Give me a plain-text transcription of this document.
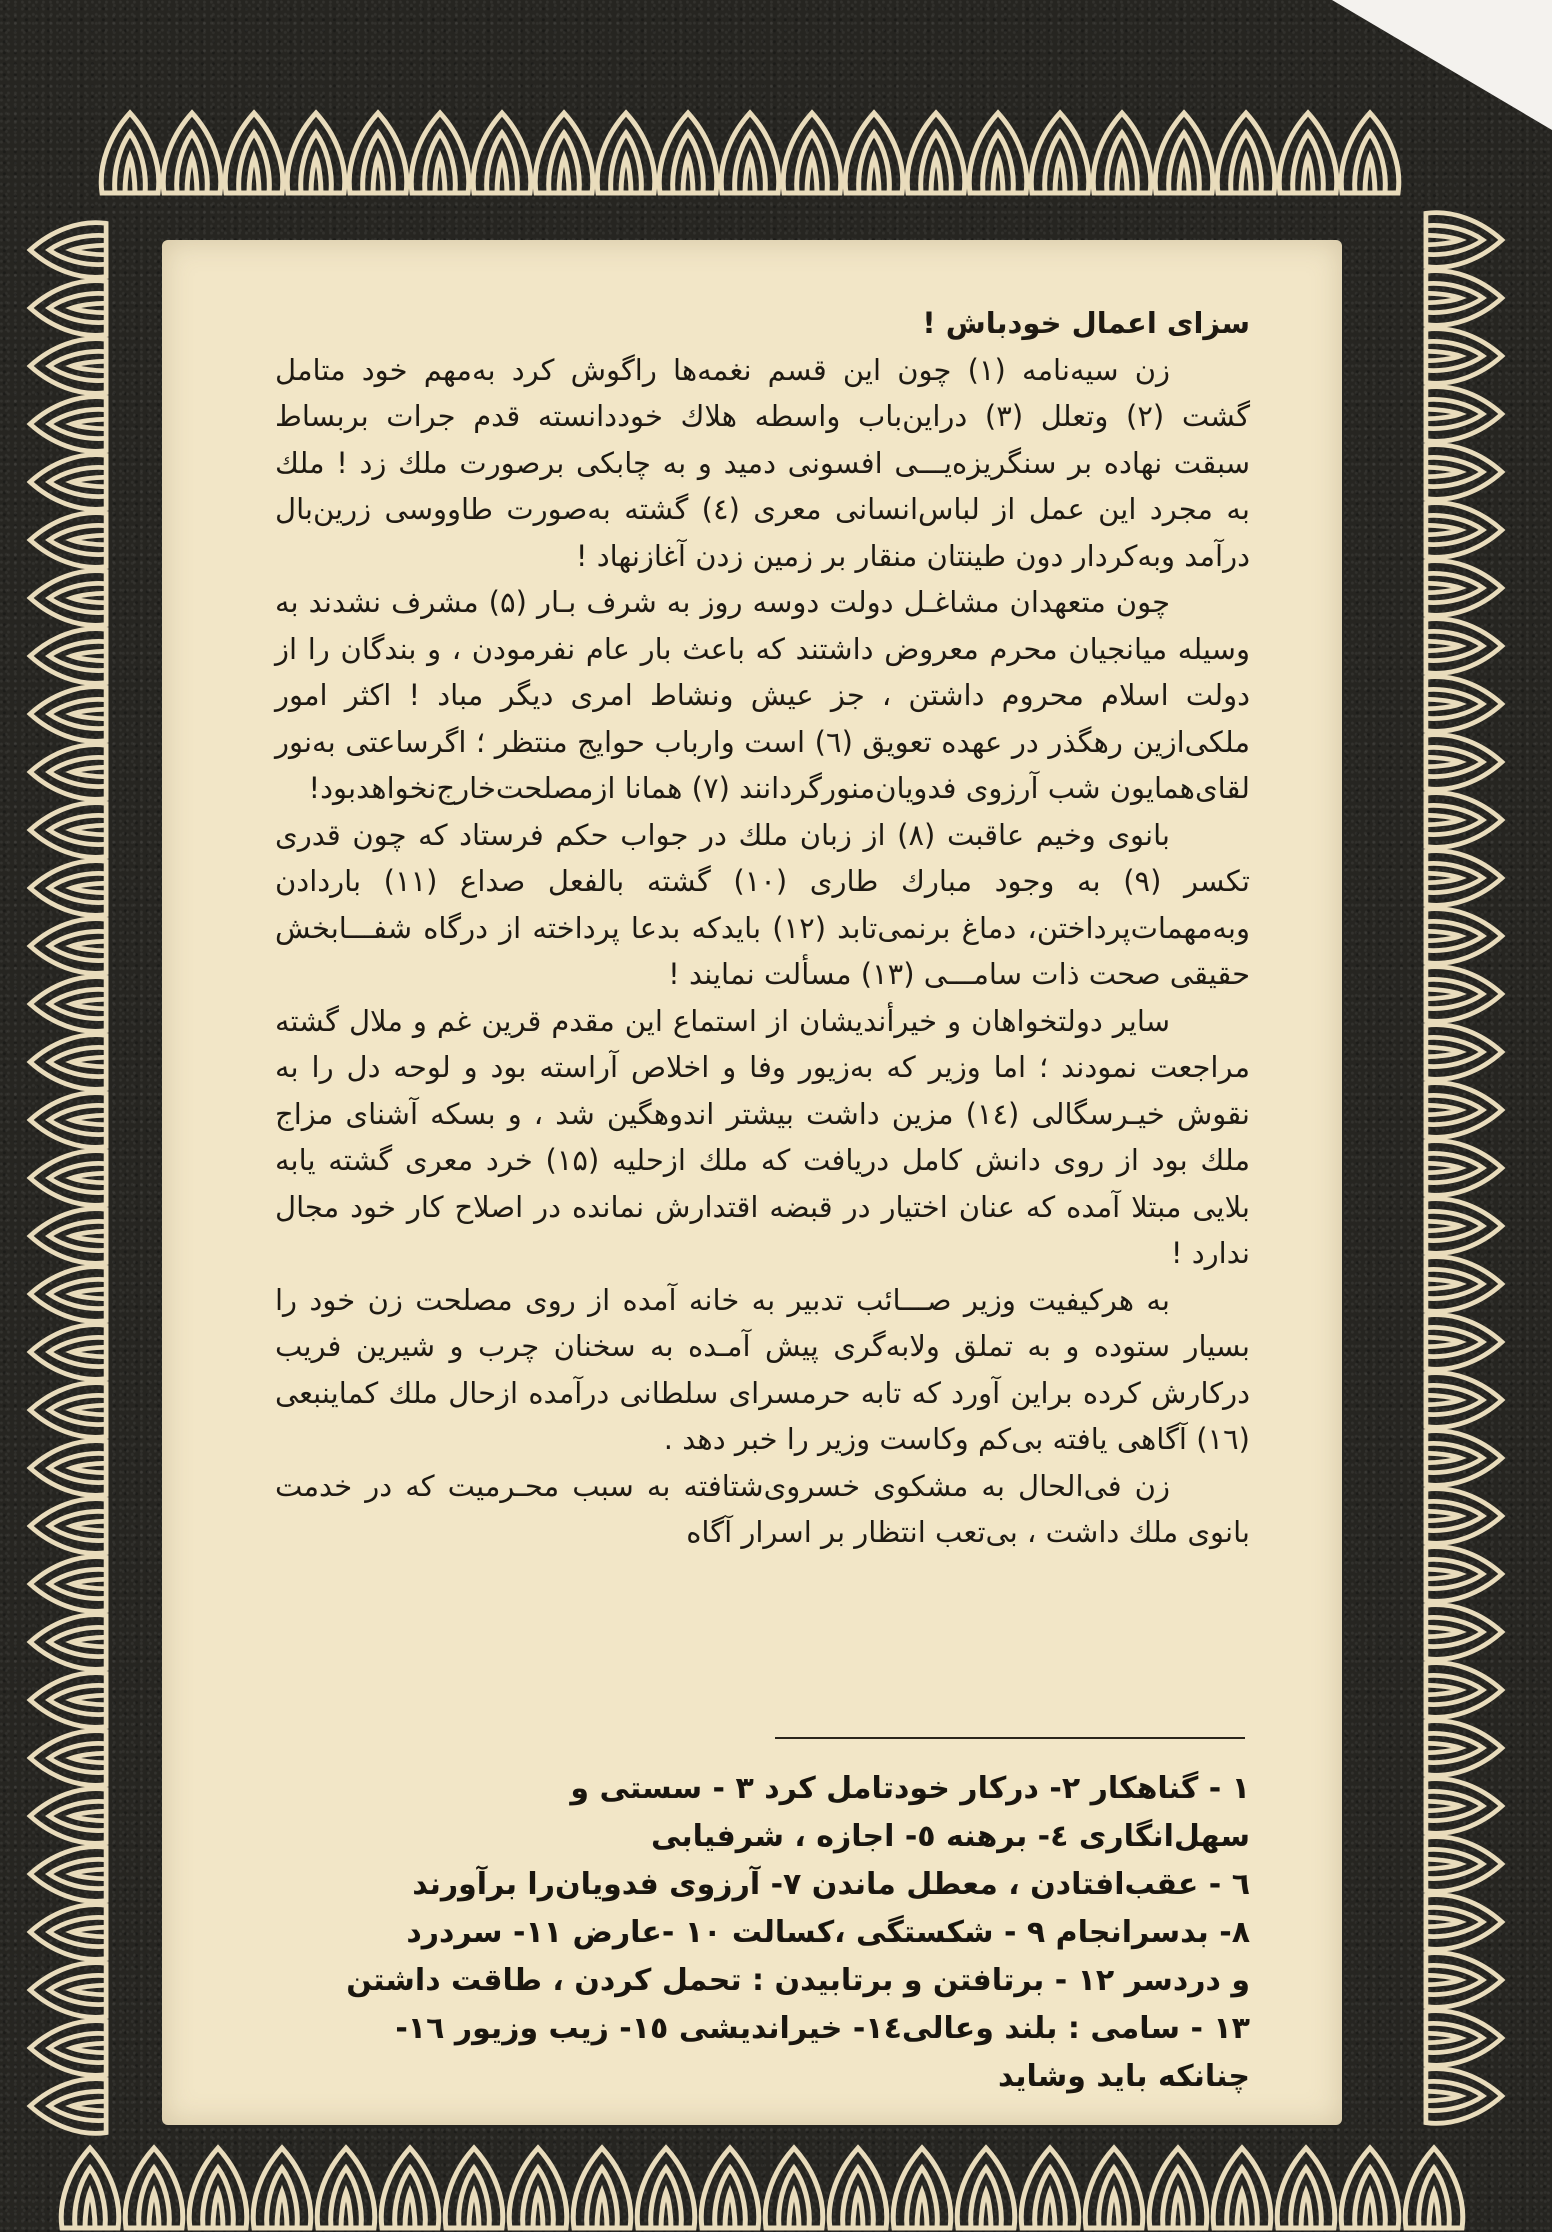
سزای اعمال خودباش !

زن سیه‌نامه (۱) چون این قسم نغمه‌ها راگوش کرد به‌مهم خود متامل گشت (۲) وتعلل (۳) دراین‌باب واسطه هلاك خوددانسته قدم جرات بربساط سبقت نهاده بر سنگریزه‌یـــی افسونی دمید و به چابکی برصورت ملك زد ! ملك به مجرد این عمل از لباس‌انسانی معری (٤) گشته به‌صورت طاووسی زرین‌بال درآمد وبه‌کردار دون طینتان منقار بر زمین زدن آغازنهاد !

چون متعهدان مشاغـل دولت دوسه روز به شرف بـار (۵) مشرف نشدند به وسیله میانجیان محرم معروض داشتند که باعث بار عام نفرمودن ، و بندگان را از دولت اسلام محروم داشتن ، جز عیش ونشاط امری دیگر مباد ! اکثر امور ملکی‌ازین رهگذر در عهده تعویق (٦) است وارباب حوایج منتظر ؛ اگرساعتی به‌نور لقای‌همایون شب آرزوی فدویان‌منورگردانند (۷) همانا ازمصلحت‌خارج‌نخواهدبود!

بانوی وخیم عاقبت (۸) از زبان ملك در جواب حکم فرستاد که چون قدری تکسر (۹) به وجود مبارك طاری (۱۰) گشته بالفعل صداع (۱۱) باردادن وبه‌مهمات‌پرداختن، دماغ برنمی‌تابد (۱۲) بایدکه بدعا پرداخته از درگاه شفـــابخش حقیقی صحت ذات سامـــی (۱۳) مسألت نمایند !

سایر دولتخواهان و خیرأندیشان از استماع این مقدم قرین غم و ملال گشته مراجعت نمودند ؛ اما وزیر که به‌زیور وفا و اخلاص آراسته بود و لوحه دل را به نقوش خیـرسگالی (١٤) مزین داشت بیشتر اندوهگین شد ، و بسکه آشنای مزاج ملك بود از روی دانش کامل دریافت که ملك ازحلیه (۱۵) خرد معری گشته یابه بلایی مبتلا آمده که عنان اختیار در قبضه اقتدارش نمانده در اصلاح کار خود مجال ندارد !

به هرکیفیت وزیر صـــائب تدبیر به خانه آمده از روی مصلحت زن خود را بسیار ستوده و به تملق ولابه‌گری پیش آمـده به سخنان چرب و شیرین فریب درکارش کرده براین آورد که تابه حرمسرای سلطانی درآمده ازحال ملك کماینبعی (١٦) آگاهی یافته بی‌کم وکاست وزیر را خبر دهد .

زن فی‌الحال به مشکوی خسروی‌شتافته به سبب محـرمیت که در خدمت بانوی ملك داشت ، بی‌تعب انتظار بر اسرار آگاه

۱ - گناهکار ۲- درکار خودتامل کرد ۳ - سستی و

سهل‌انگاری ٤- برهنه ٥- اجازه ، شرفیابی

٦ - عقب‌افتادن ، معطل ماندن ٧- آرزوی فدویان‌را برآورند

٨- بدسرانجام ٩ - شکستگی ،کسالت ١٠ -عارض ١١- سردرد

و دردسر ١٢ - برتافتن و برتابیدن : تحمل کردن ، طاقت داشتن

١٣ - سامی : بلند وعالی١٤- خیراندیشی ١٥- زیب وزیور ١٦-

چنانکه باید وشاید
